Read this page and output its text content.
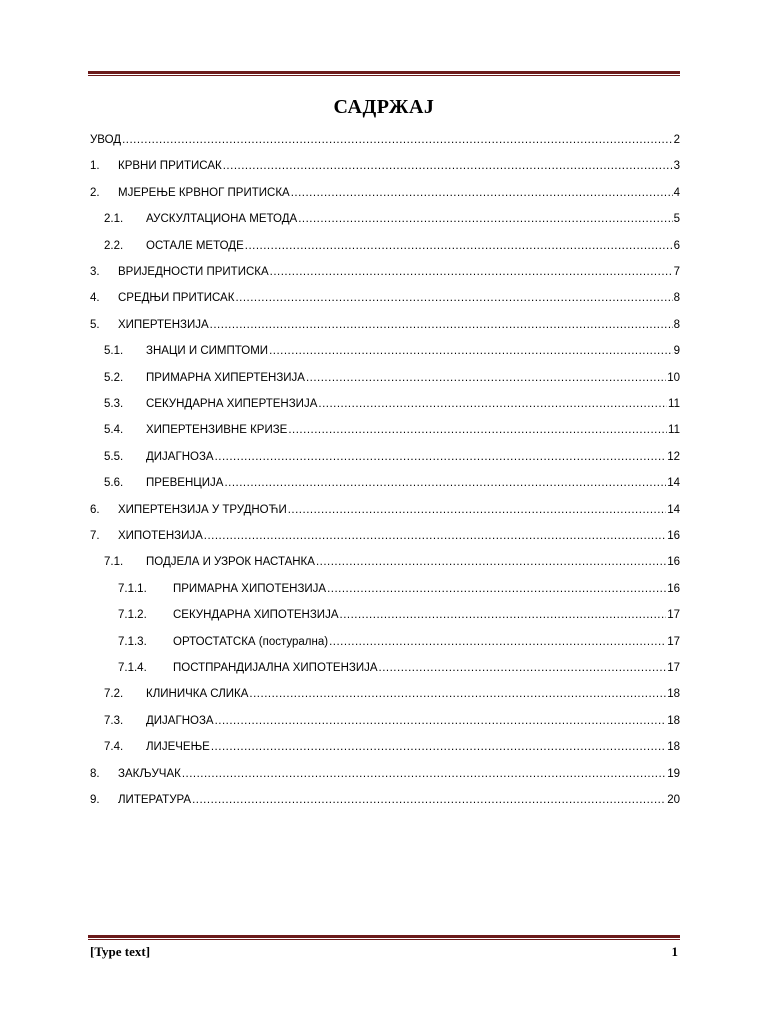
САДРЖАЈ
УВОД .....	2
1. КРВНИ ПРИТИСАК .....	3
2. МЈЕРЕЊЕ КРВНОГ ПРИТИСКА .....	4
2.1. АУСКУЛТАЦИОНА МЕТОДА .....	5
2.2. ОСТАЛЕ МЕТОДЕ .....	6
3. ВРИЈЕДНОСТИ ПРИТИСКА .....	7
4. СРЕДЊИ ПРИТИСАК .....	8
5. ХИПЕРТЕНЗИЈА .....	8
5.1. ЗНАЦИ И СИМПТОМИ .....	9
5.2. ПРИМАРНА ХИПЕРТЕНЗИЈА .....	10
5.3. СЕКУНДАРНА ХИПЕРТЕНЗИЈА .....	11
5.4. ХИПЕРТЕНЗИВНЕ КРИЗЕ .....	11
5.5. ДИЈАГНОЗА .....	12
5.6. ПРЕВЕНЦИЈА .....	14
6. ХИПЕРТЕНЗИЈА У ТРУДНОЋИ .....	14
7. ХИПОТЕНЗИЈА .....	16
7.1. ПОДЈЕЛА И УЗРОК НАСТАНКА .....	16
7.1.1. ПРИМАРНА ХИПОТЕНЗИЈА .....	16
7.1.2. СЕКУНДАРНА ХИПОТЕНЗИЈА .....	17
7.1.3. ОРТОСТАТСКА (постурална) .....	17
7.1.4. ПОСТПРАНДИЈАЛНА ХИПОТЕНЗИЈА .....	17
7.2. КЛИНИЧКА СЛИКА .....	18
7.3. ДИЈАГНОЗА .....	18
7.4. ЛИЈЕЧЕЊЕ .....	18
8. ЗАКЉУЧАК .....	19
9. ЛИТЕРАТУРА .....	20
[Type text]	1
